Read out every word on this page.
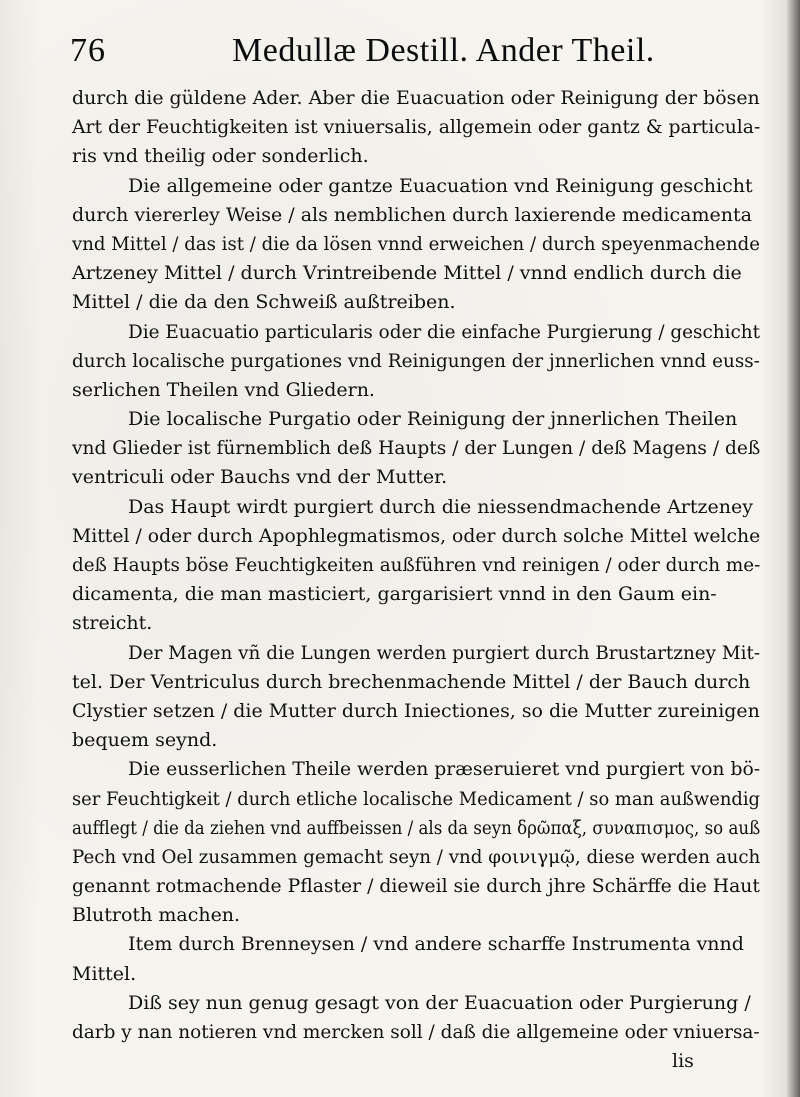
76	Medullæ Destill. Ander Theil.
durch die güldene Ader. Aber die Euacuation oder Reinigung der bösen
Art der Feuchtigkeiten ist vniuersalis, allgemein oder gantz & particula-
ris vnd theilig oder sonderlich.
Die allgemeine oder gantze Euacuation vnd Reinigung geschicht
durch viererley Weise / als nemblichen durch laxierende medicamenta
vnd Mittel / das ist / die da lösen vnnd erweichen / durch speyenmachende
Artzeney Mittel / durch Vrintreibende Mittel / vnnd endlich durch die
Mittel / die da den Schweiß außtreiben.
Die Euacuatio particularis oder die einfache Purgierung / geschicht
durch localische purgationes vnd Reinigungen der jnnerlichen vnnd euss-
serlichen Theilen vnd Gliedern.
Die localische Purgatio oder Reinigung der jnnerlichen Theilen
vnd Glieder ist fürnemblich deß Haupts / der Lungen / deß Magens / deß
ventriculi oder Bauchs vnd der Mutter.
Das Haupt wirdt purgiert durch die niessendmachende Artzeney
Mittel / oder durch Apophlegmatismos, oder durch solche Mittel welche
deß Haupts böse Feuchtigkeiten außführen vnd reinigen / oder durch me-
dicamenta, die man masticiert, gargarisiert vnnd in den Gaum ein-
streicht.
Der Magen vñ die Lungen werden purgiert durch Brustartzney Mit-
tel. Der Ventriculus durch brechenmachende Mittel / der Bauch durch
Clystier setzen / die Mutter durch Iniectiones, so die Mutter zureinigen
bequem seynd.
Die eusserlichen Theile werden præseruieret vnd purgiert von bö-
ser Feuchtigkeit / durch etliche localische Medicament / so man außwendig
aufflegt / die da ziehen vnd auffbeissen / als da seyn δρῶπαξ, συναπισμος, so auß
Pech vnd Oel zusammen gemacht seyn / vnd φοινιγμῷ, diese werden auch
genannt rotmachende Pflaster / dieweil sie durch jhre Schärffe die Haut
Blutroth machen.
Item durch Brenneysen / vnd andere scharffe Instrumenta vnnd
Mittel.
Diß sey nun genug gesagt von der Euacuation oder Purgierung /
darb y nan notieren vnd mercken soll / daß die allgemeine oder vniuersa-
lis
